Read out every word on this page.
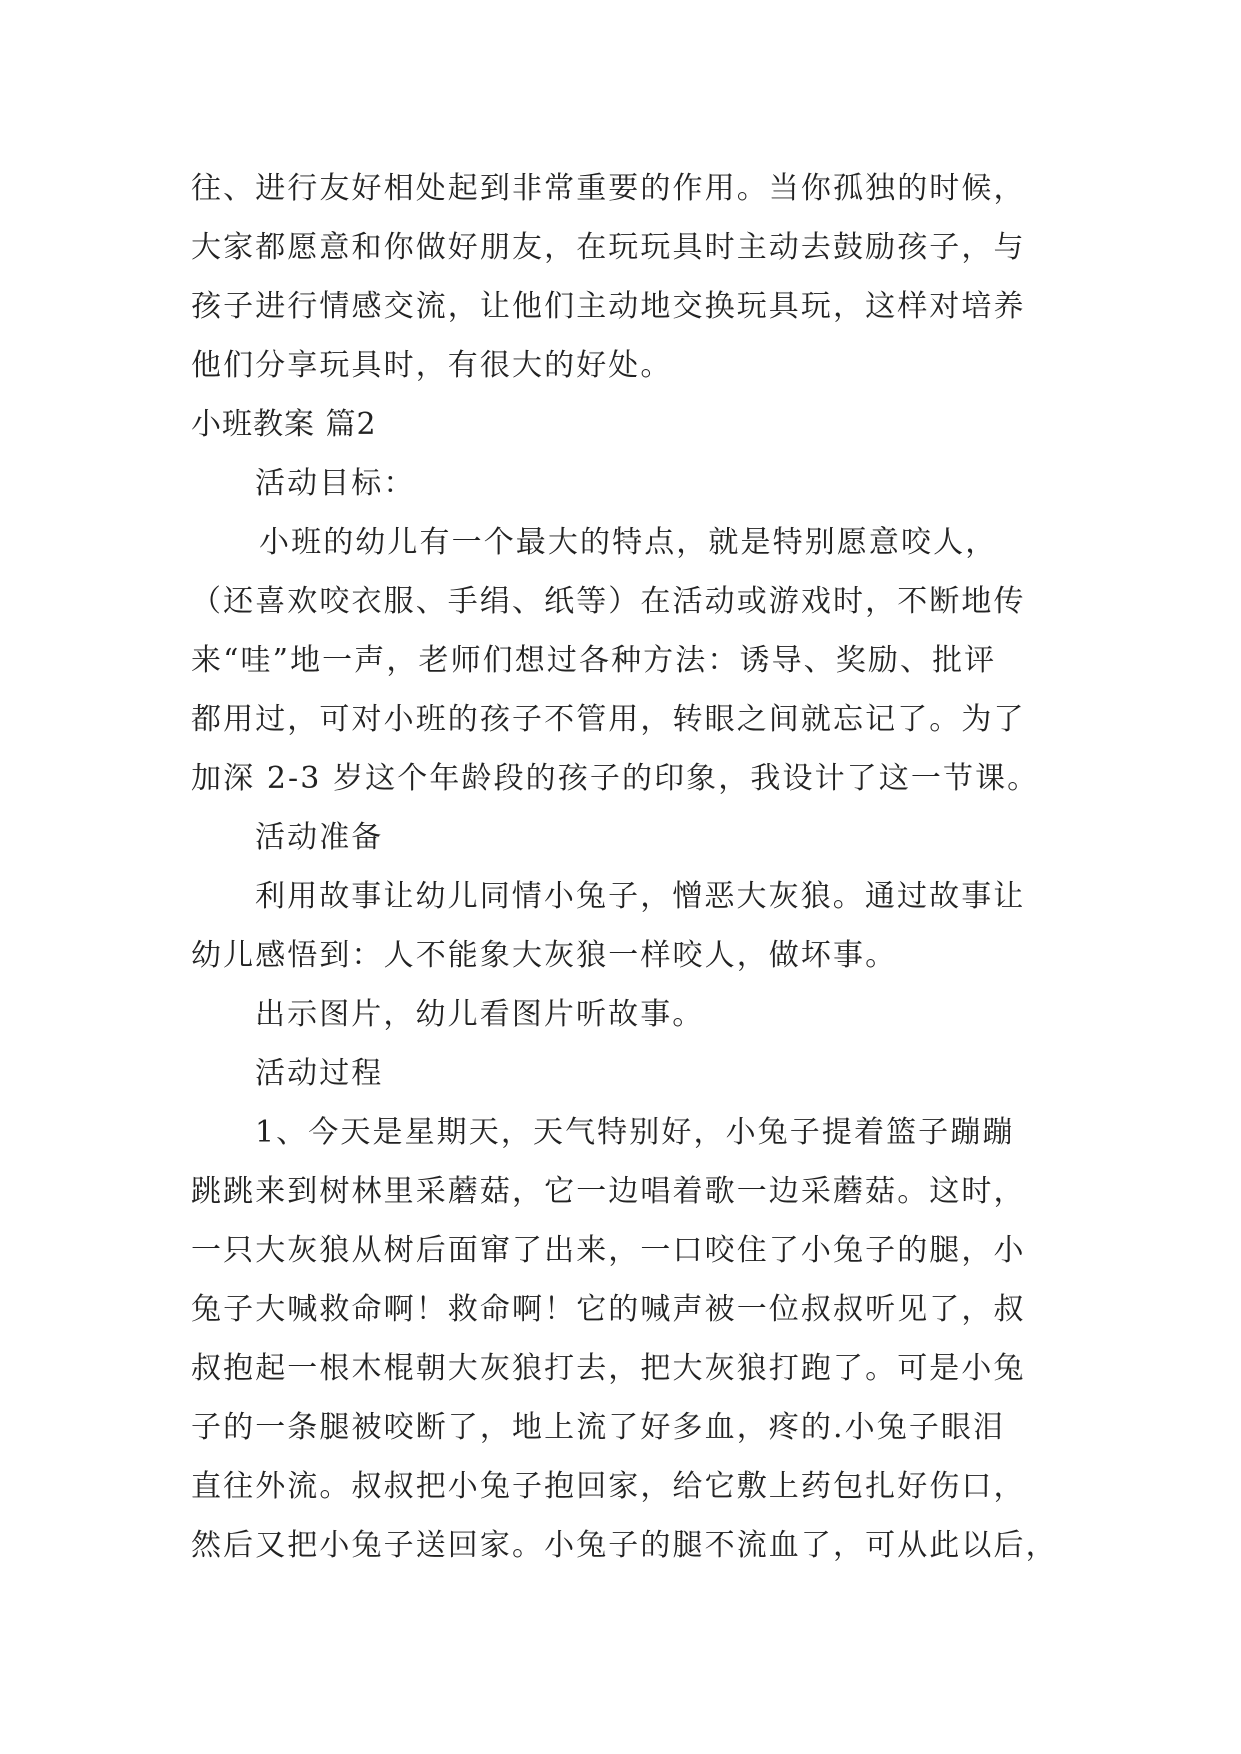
往、进行友好相处起到非常重要的作用。当你孤独的时候，
大家都愿意和你做好朋友，在玩玩具时主动去鼓励孩子，与
孩子进行情感交流，让他们主动地交换玩具玩，这样对培养
他们分享玩具时，有很大的好处。
小班教案 篇2
活动目标：
小班的幼儿有一个最大的特点，就是特别愿意咬人，
（还喜欢咬衣服、手绢、纸等）在活动或游戏时，不断地传
来“哇”地一声，老师们想过各种方法：诱导、奖励、批评
都用过，可对小班的孩子不管用，转眼之间就忘记了。为了
加深 2-3 岁这个年龄段的孩子的印象，我设计了这一节课。
活动准备
利用故事让幼儿同情小兔子，憎恶大灰狼。通过故事让
幼儿感悟到：人不能象大灰狼一样咬人，做坏事。
出示图片，幼儿看图片听故事。
活动过程
1、今天是星期天，天气特别好，小兔子提着篮子蹦蹦
跳跳来到树林里采蘑菇，它一边唱着歌一边采蘑菇。这时，
一只大灰狼从树后面窜了出来，一口咬住了小兔子的腿，小
兔子大喊救命啊！救命啊！它的喊声被一位叔叔听见了，叔
叔抱起一根木棍朝大灰狼打去，把大灰狼打跑了。可是小兔
子的一条腿被咬断了，地上流了好多血，疼的.小兔子眼泪
直往外流。叔叔把小兔子抱回家，给它敷上药包扎好伤口，
然后又把小兔子送回家。小兔子的腿不流血了，可从此以后，
